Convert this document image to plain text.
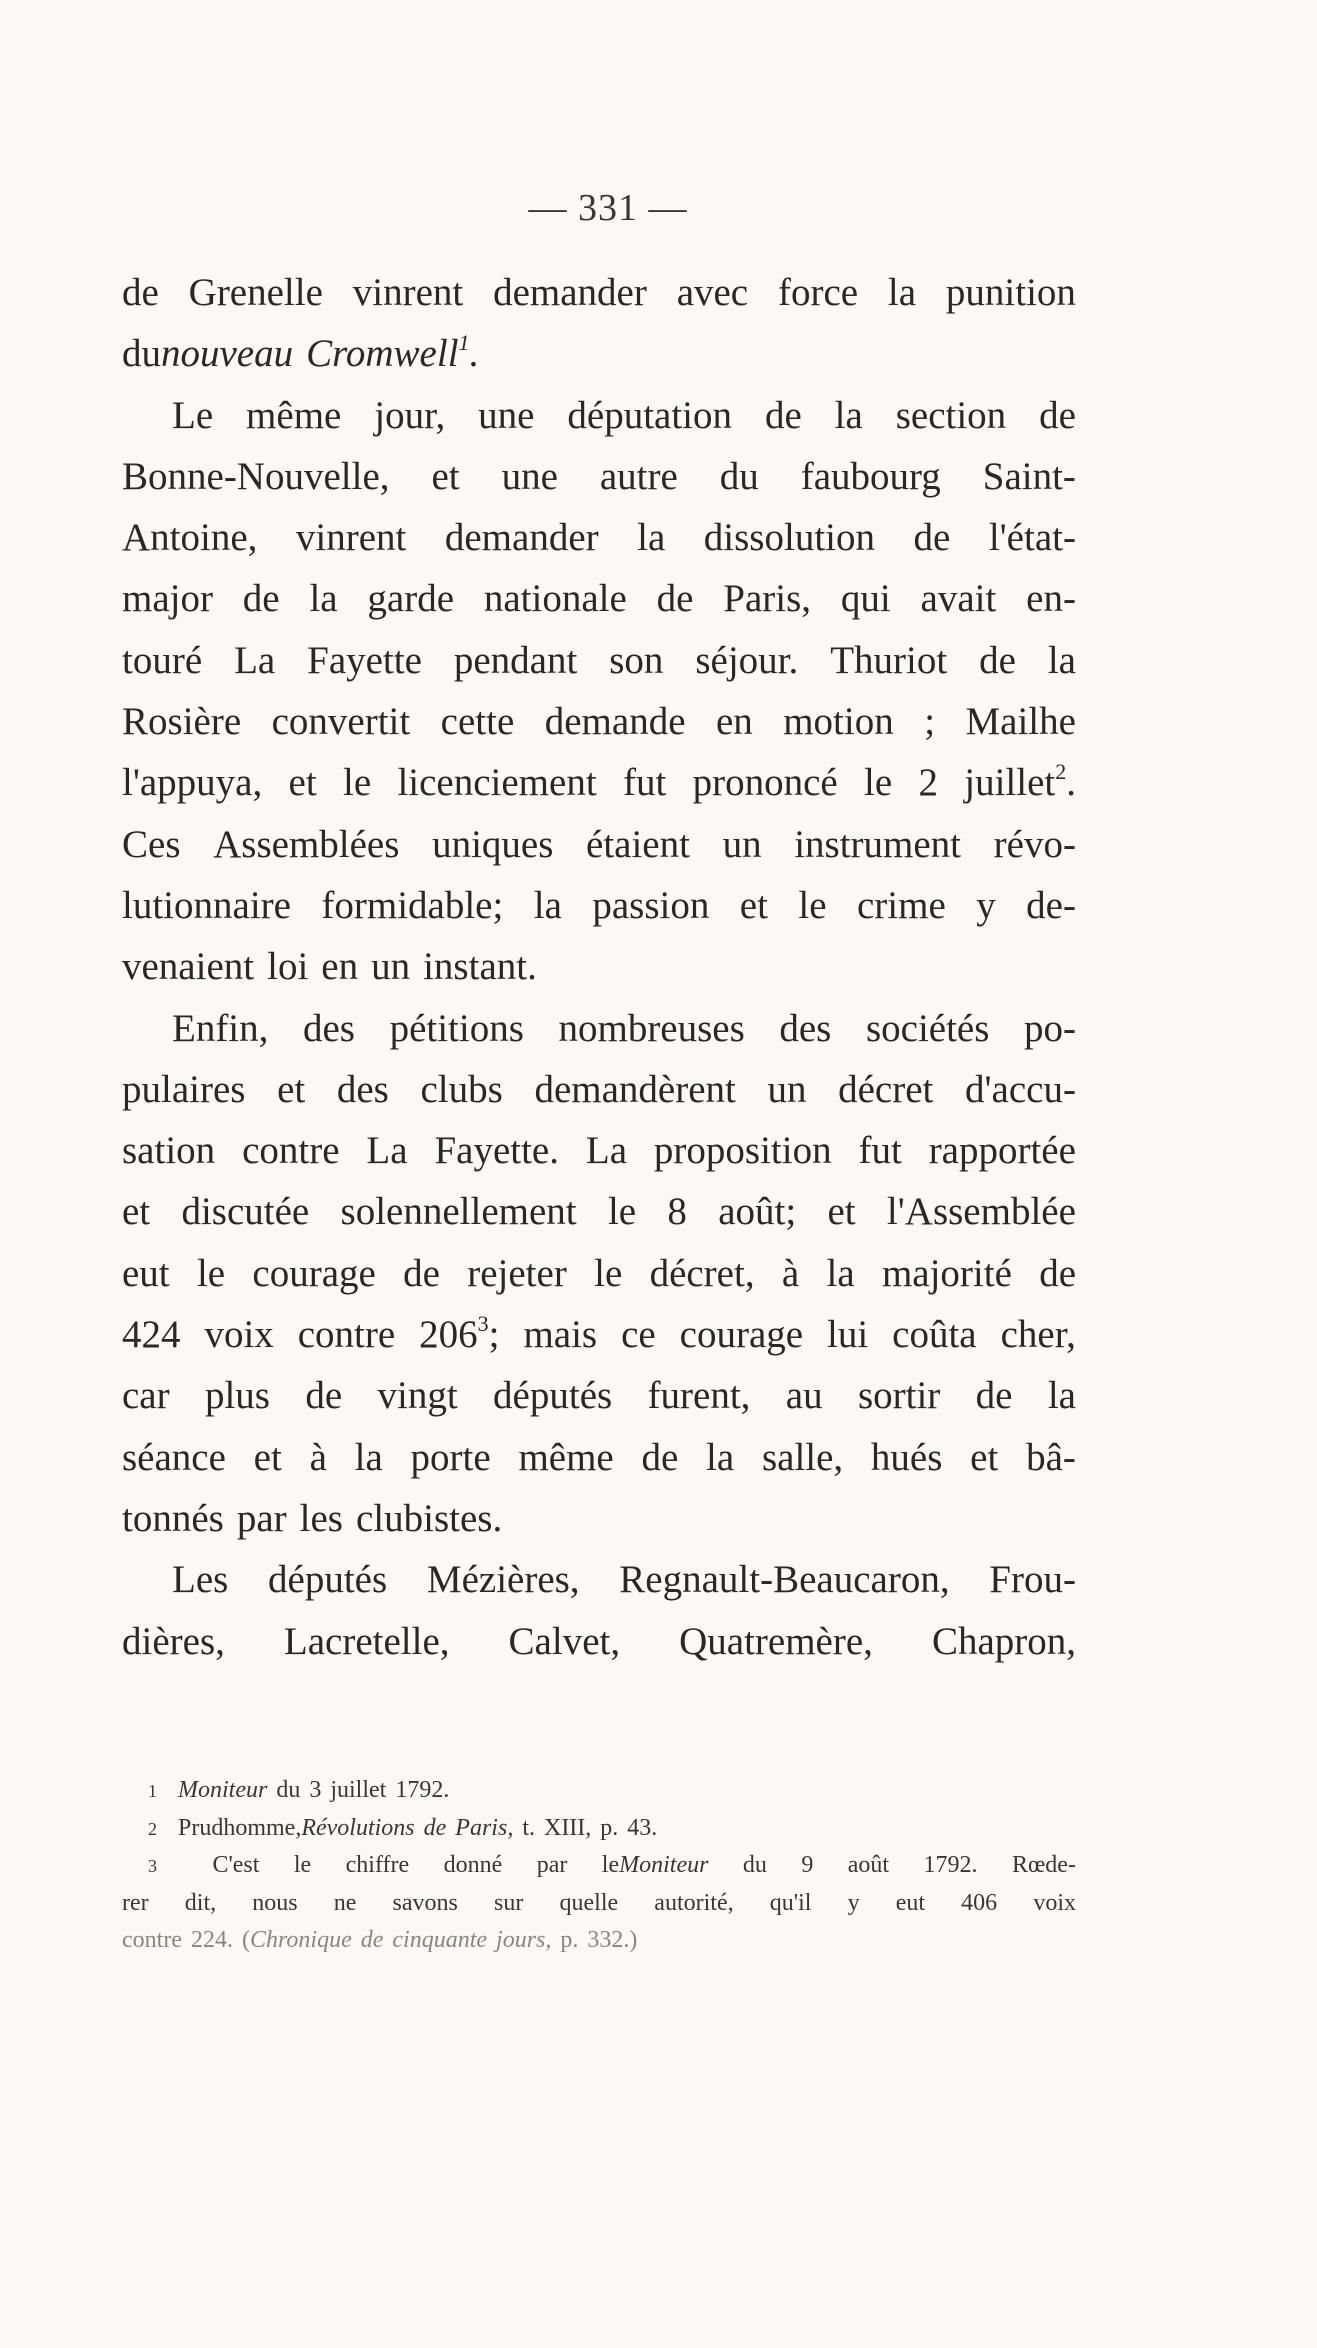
— 331 —
de Grenelle vinrent demander avec force la punition
dunouveau Cromwell$^1$.
Le même jour, une députation de la section de
Bonne-Nouvelle, et une autre du faubourg Saint-
Antoine, vinrent demander la dissolution de l'état-
major de la garde nationale de Paris, qui avait en-
touré La Fayette pendant son séjour. Thuriot de la
Rosière convertit cette demande en motion ; Mailhe
l'appuya, et le licenciement fut prononcé le 2 juillet$^2$.
Ces Assemblées uniques étaient un instrument révo-
lutionnaire formidable; la passion et le crime y de-
venaient loi en un instant.
Enfin, des pétitions nombreuses des sociétés po-
pulaires et des clubs demandèrent un décret d'accu-
sation contre La Fayette. La proposition fut rapportée
et discutée solennellement le 8 août; et l'Assemblée
eut le courage de rejeter le décret, à la majorité de
424 voix contre $206^3$; mais ce courage lui coûta cher,
car plus de vingt députés furent, au sortir de la
séance et à la porte même de la salle, hués et bâ-
tonnés par les clubistes.
Les députés Mézières, Regnault-Beaucaron, Frou-
dières, Lacretelle, Calvet, Quatremère, Chapron,
1 Moniteur du 3 juillet 1792.
2 Prudhomme,Révolutions de Paris, t. XIII, p. 43.
3	C'est le chiffre donné par leMoniteur du 9 août 1792. Rœde-
rer dit, nous ne savons sur quelle autorité, qu'il y eut 406 voix
contre 224. (Chronique de cinquante jours, p. 332.)
